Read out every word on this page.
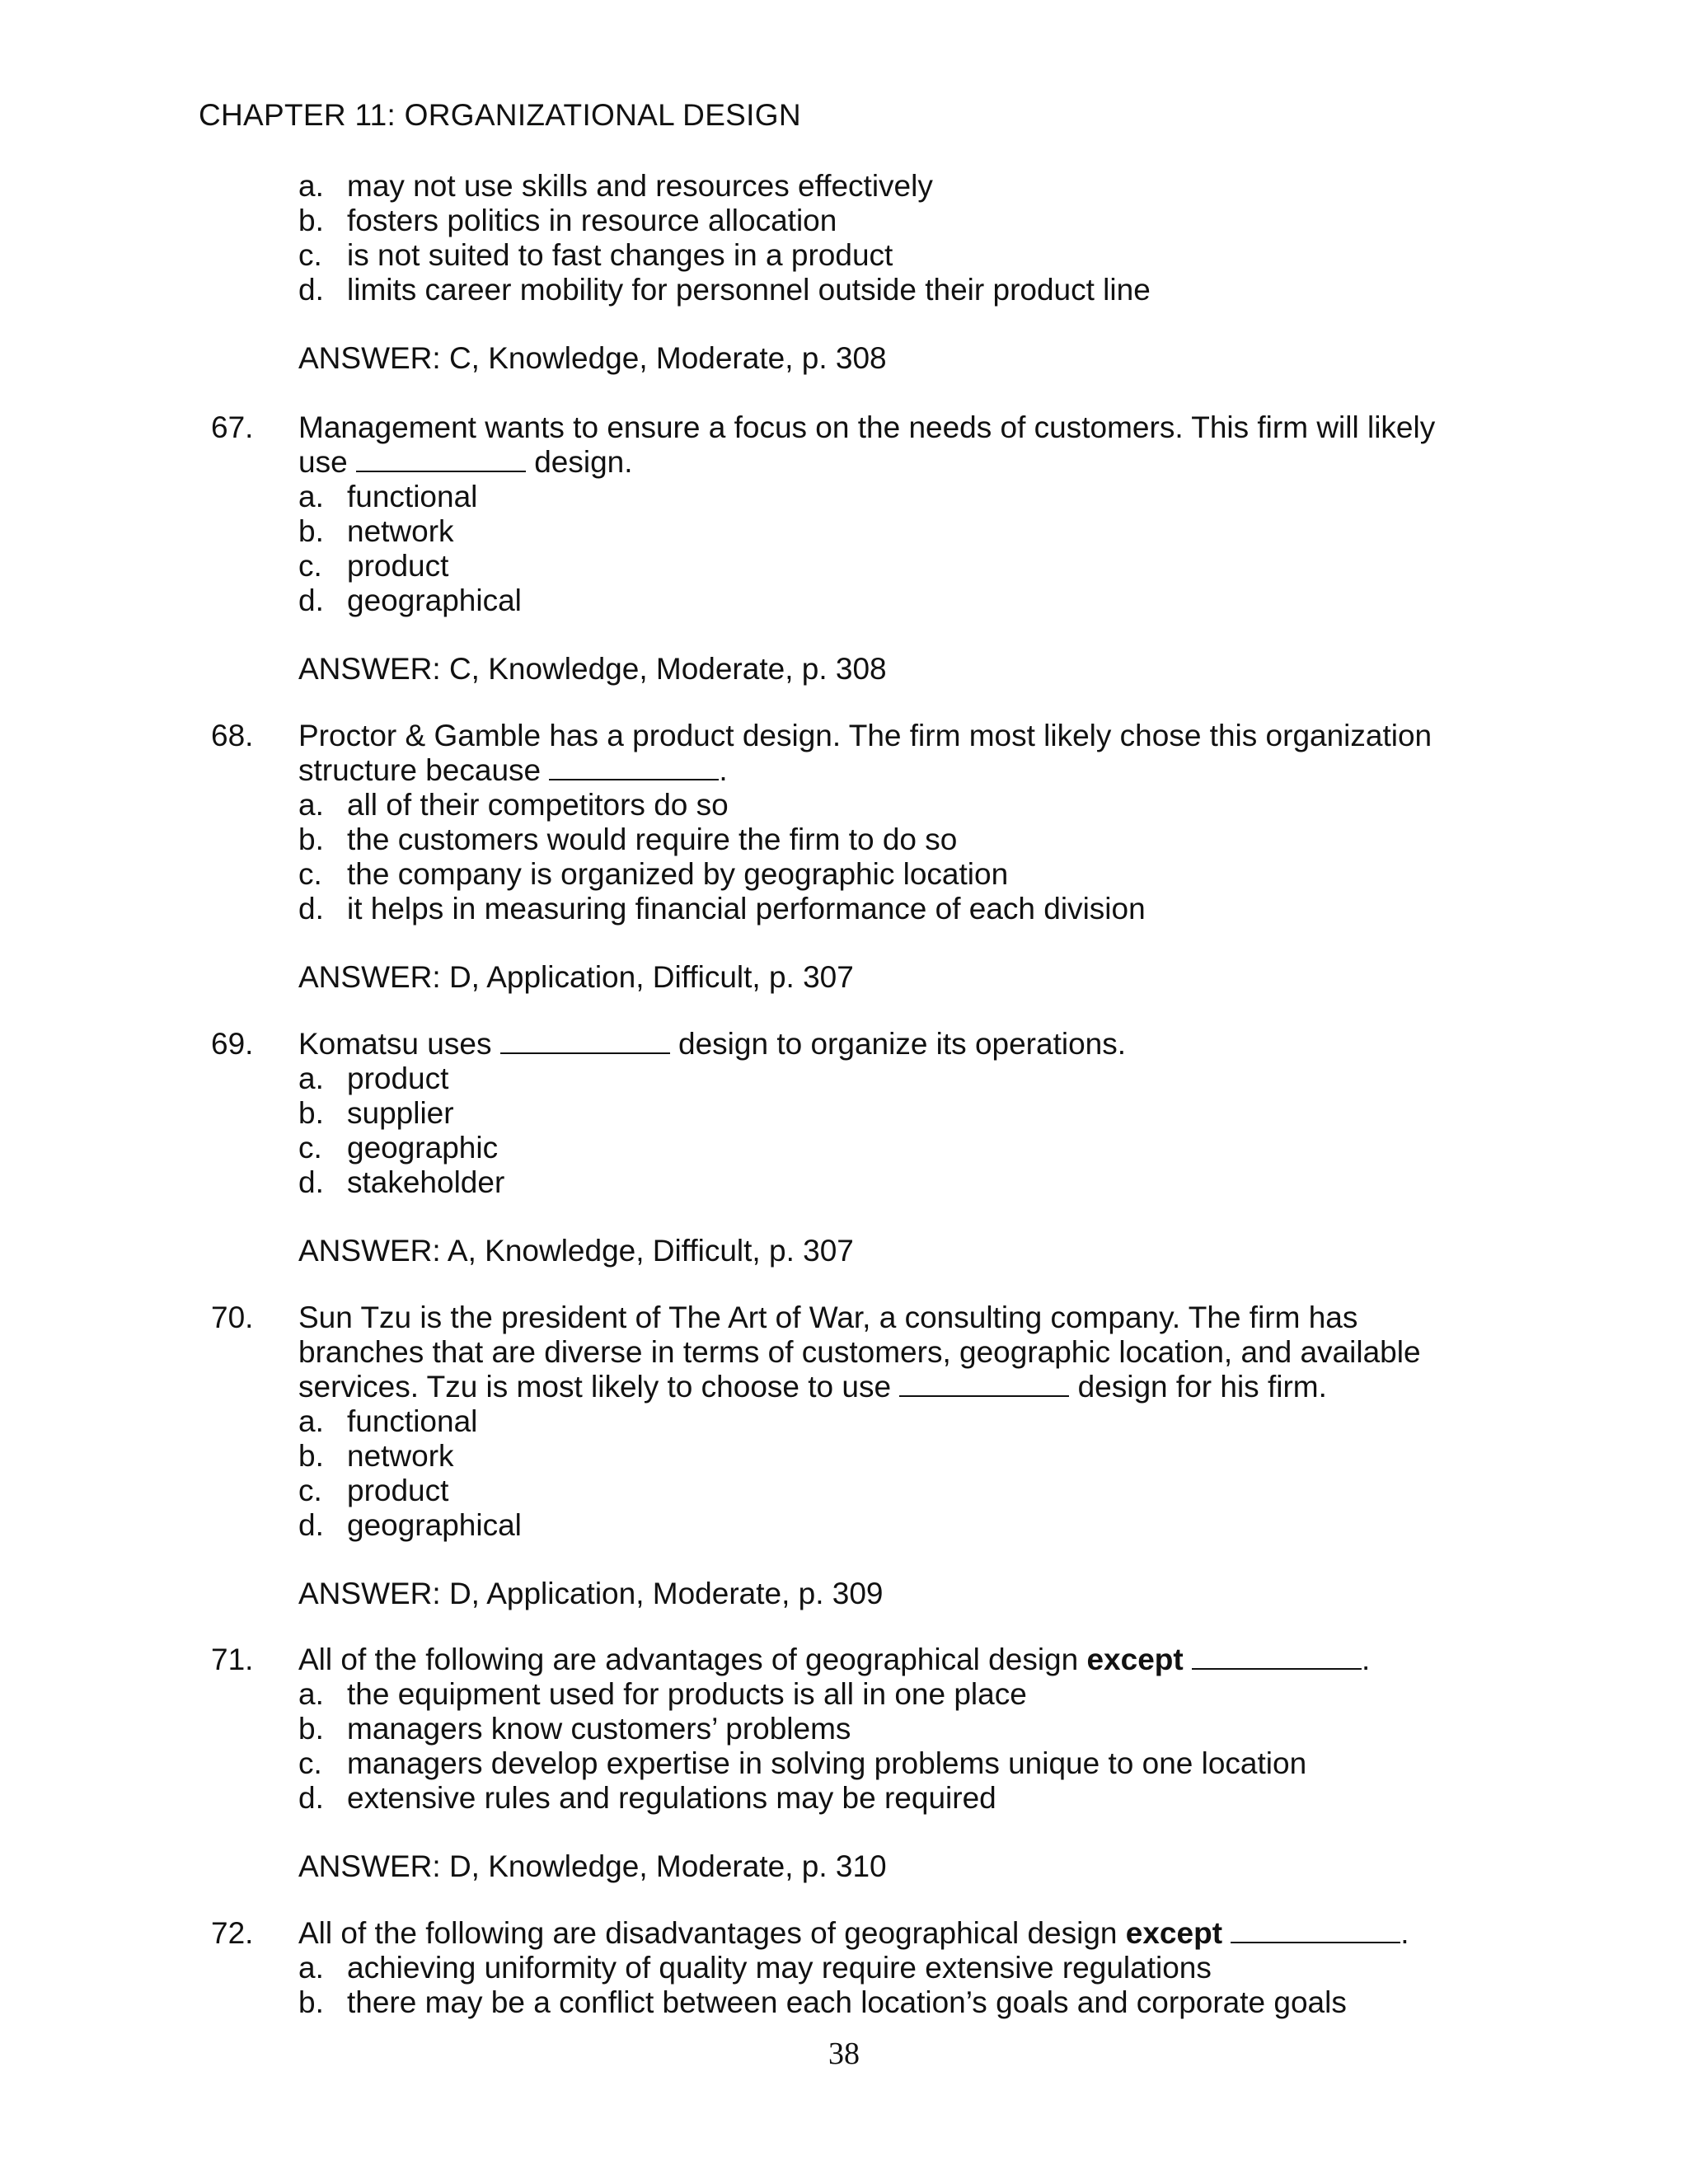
CHAPTER 11: ORGANIZATIONAL DESIGN
a. may not use skills and resources effectively
b. fosters politics in resource allocation
c. is not suited to fast changes in a product
d. limits career mobility for personnel outside their product line
ANSWER: C, Knowledge, Moderate, p. 308
67. Management wants to ensure a focus on the needs of customers. This firm will likely
use	design.
a. functional
b. network
c. product
d. geographical
ANSWER: C, Knowledge, Moderate, p. 308
68. Proctor & Gamble has a product design. The firm most likely chose this organization
structure because	.
a. all of their competitors do so
b. the customers would require the firm to do so
c. the company is organized by geographic location
d. it helps in measuring financial performance of each division
ANSWER: D, Application, Difficult, p. 307
69. Komatsu uses	design to organize its operations.
a. product
b. supplier
c. geographic
d. stakeholder
ANSWER: A, Knowledge, Difficult, p. 307
70. Sun Tzu is the president of The Art of War, a consulting company. The firm has
branches that are diverse in terms of customers, geographic location, and available
services. Tzu is most likely to choose to use	design for his firm.
a. functional
b. network
c. product
d. geographical
ANSWER: D, Application, Moderate, p. 309
71. All of the following are advantages of geographical design except	.
a. the equipment used for products is all in one place
b. managers know customers’ problems
c. managers develop expertise in solving problems unique to one location
d. extensive rules and regulations may be required
ANSWER: D, Knowledge, Moderate, p. 310
72. All of the following are disadvantages of geographical design except	.
a. achieving uniformity of quality may require extensive regulations
b. there may be a conflict between each location’s goals and corporate goals
38
